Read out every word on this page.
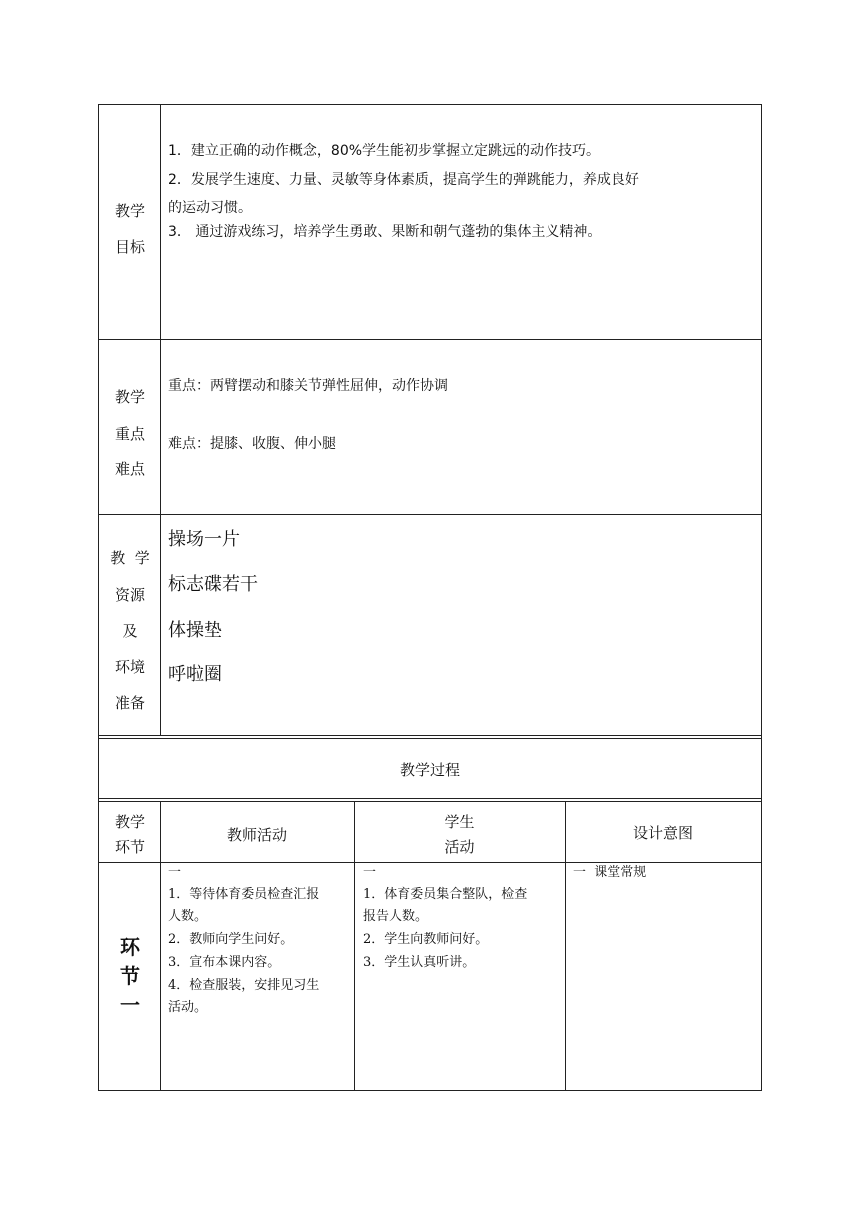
教学
目标
1．建立正确的动作概念，80%学生能初步掌握立定跳远的动作技巧。
2．发展学生速度、力量、灵敏等身体素质，提高学生的弹跳能力，养成良好
的运动习惯。
3． 通过游戏练习，培养学生勇敢、果断和朝气蓬勃的集体主义精神。
教学
重点
难点
重点：两臂摆动和膝关节弹性屈伸，动作协调
难点：提膝、收腹、伸小腿
教  学
资源
及
环境
准备
操场一片
标志碟若干
体操垫
呼啦圈
教学过程
教学
环节
教师活动
学生
活动
设计意图
环
节
一
一
1．等待体育委员检查汇报
人数。
2．教师向学生问好。
3．宣布本课内容。
4．检查服装，安排见习生
活动。
一
1．体育委员集合整队，检查
报告人数。
2．学生向教师问好。
3．学生认真听讲。
一  课堂常规
